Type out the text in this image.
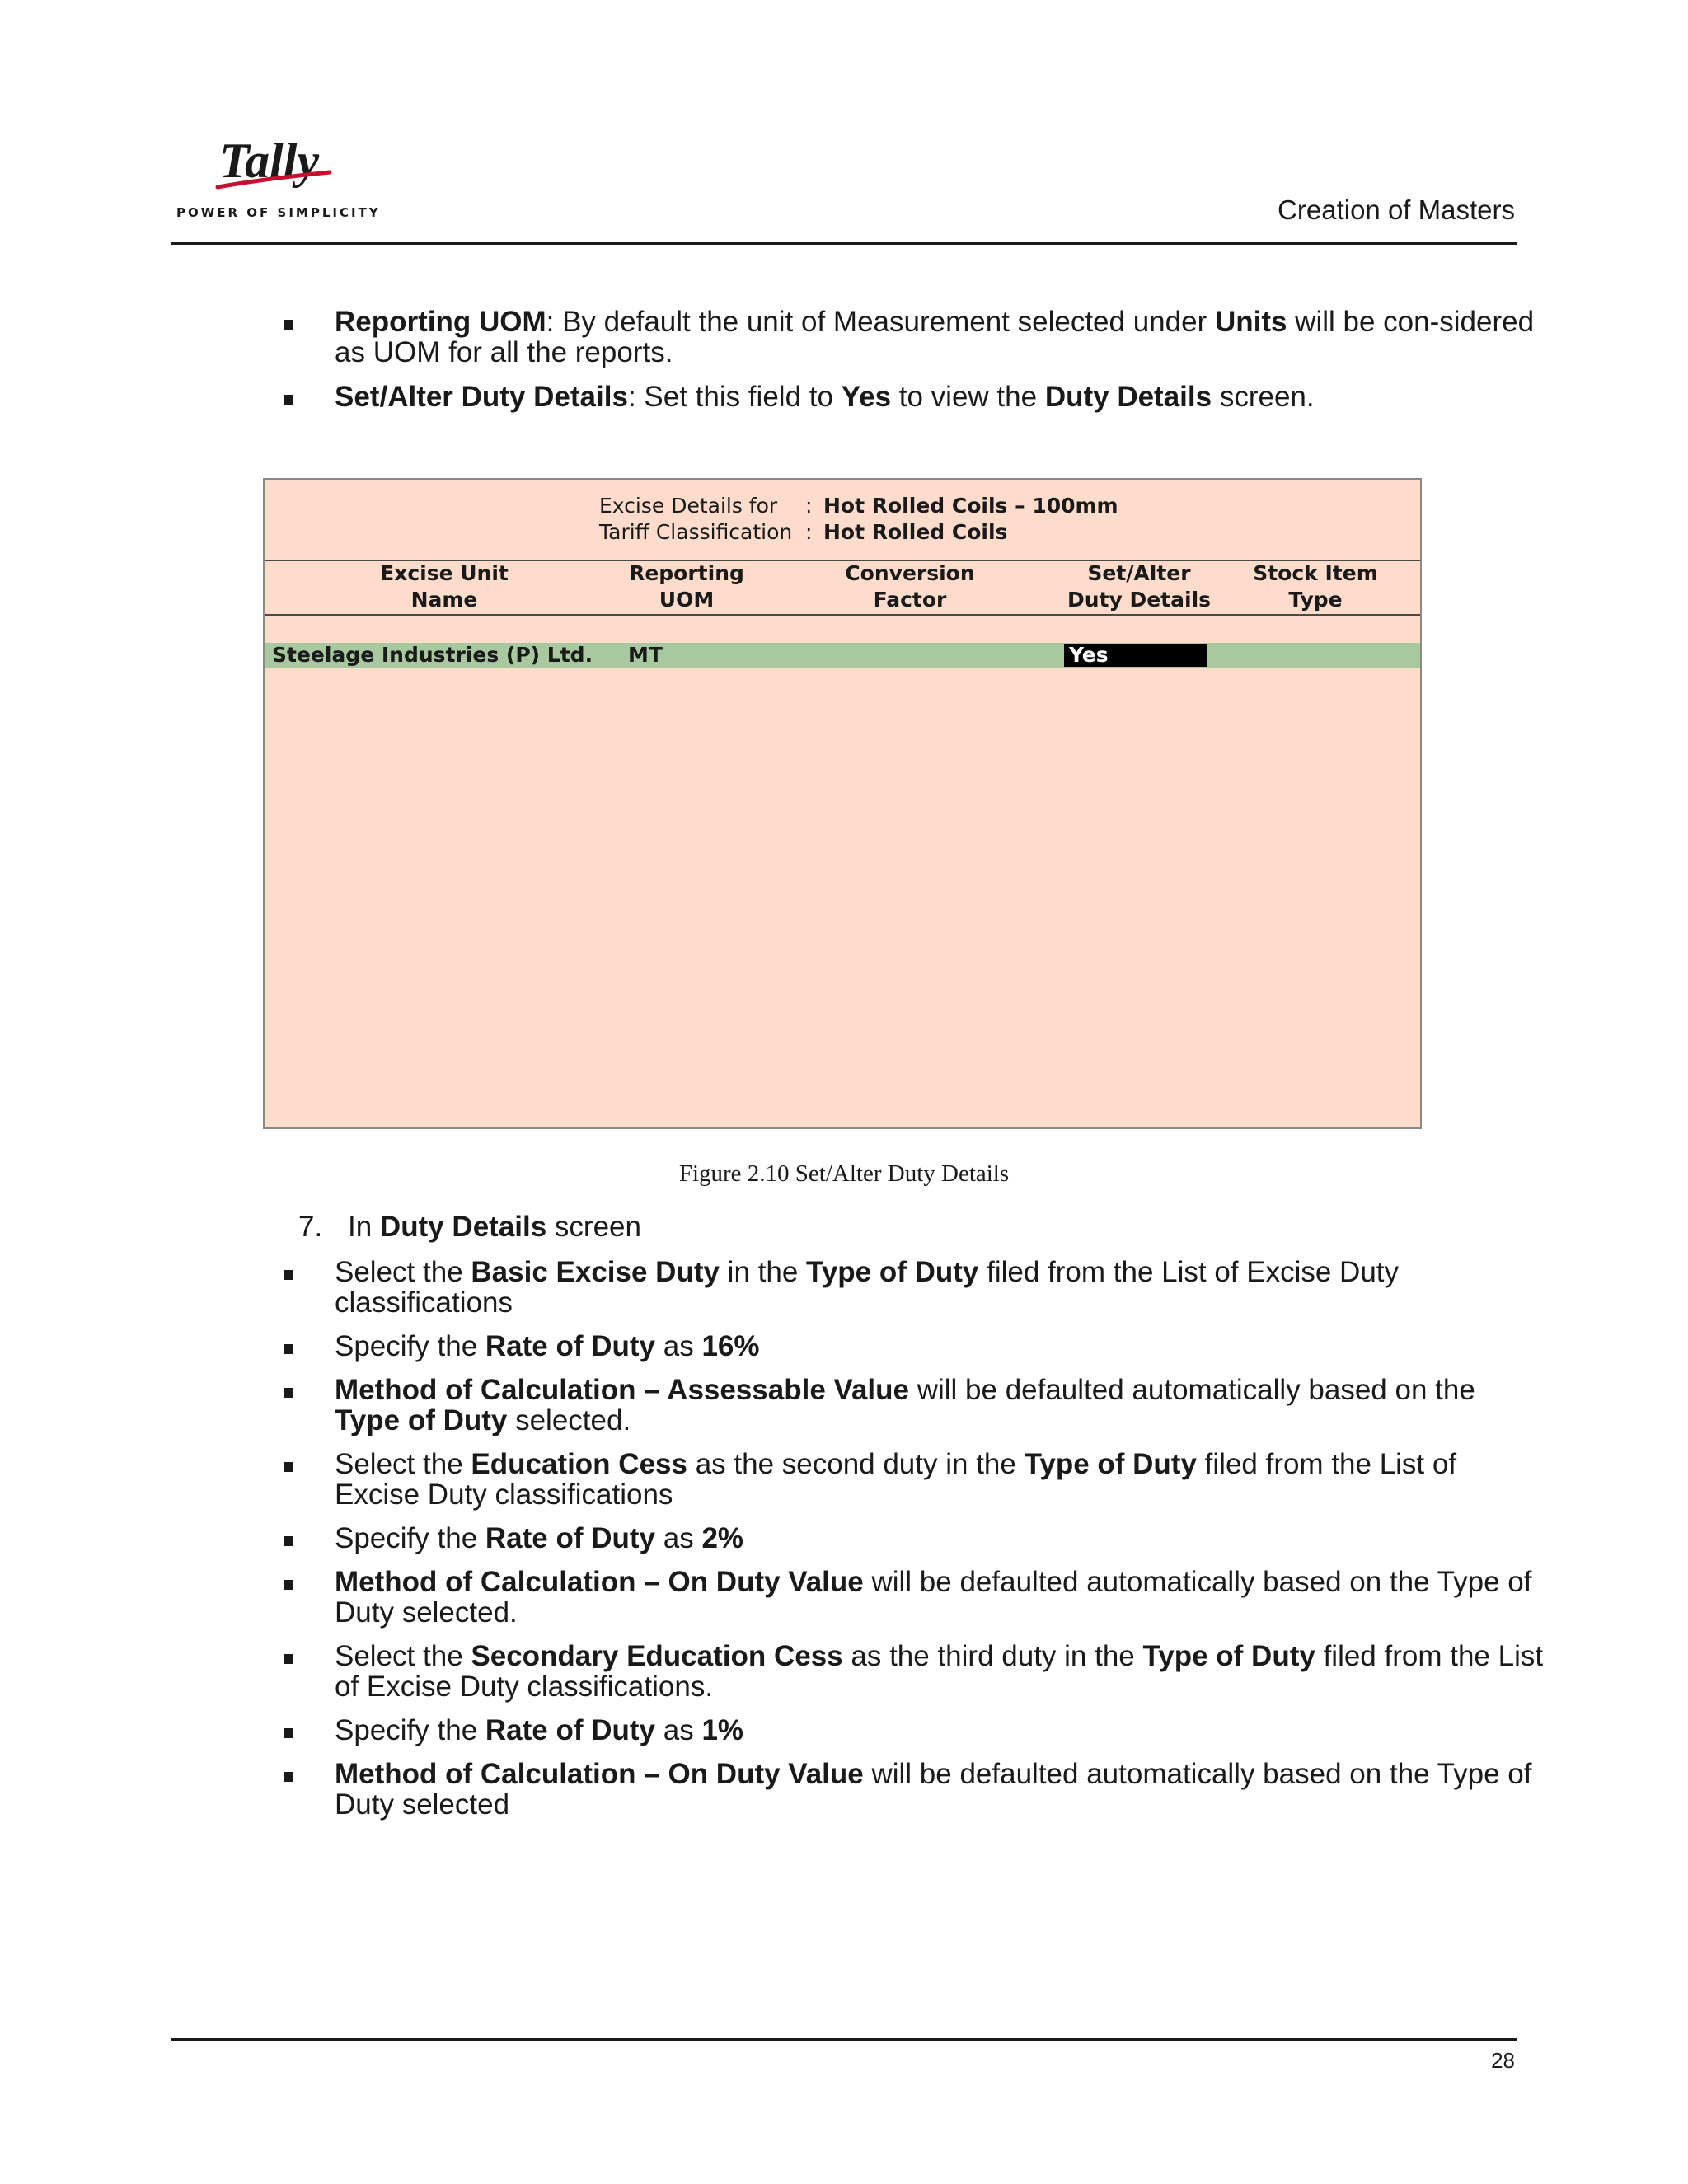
Tally
POWER OF SIMPLICITY	Creation of Masters
Reporting UOM: By default the unit of Measurement selected under Units will be con-sidered as UOM for all the reports.
Set/Alter Duty Details: Set this field to Yes to view the Duty Details screen.
Excise Details for : Hot Rolled Coils – 100mm
Tariff Classification : Hot Rolled Coils
Excise Unit
Name
Reporting
UOM
Conversion
Factor
Set/Alter
Duty Details
Stock Item
Type
Steelage Industries (P) Ltd. MT	Yes
Figure 2.10 Set/Alter Duty Details
7. In Duty Details screen
Select the Basic Excise Duty in the Type of Duty filed from the List of Excise Duty classifications
Specify the Rate of Duty as 16%
Method of Calculation – Assessable Value will be defaulted automatically based on the Type of Duty selected.
Select the Education Cess as the second duty in the Type of Duty filed from the List of Excise Duty classifications
Specify the Rate of Duty as 2%
Method of Calculation – On Duty Value will be defaulted automatically based on the Type of Duty selected.
Select the Secondary Education Cess as the third duty in the Type of Duty filed from the List of Excise Duty classifications.
Specify the Rate of Duty as 1%
Method of Calculation – On Duty Value will be defaulted automatically based on the Type of Duty selected
28
